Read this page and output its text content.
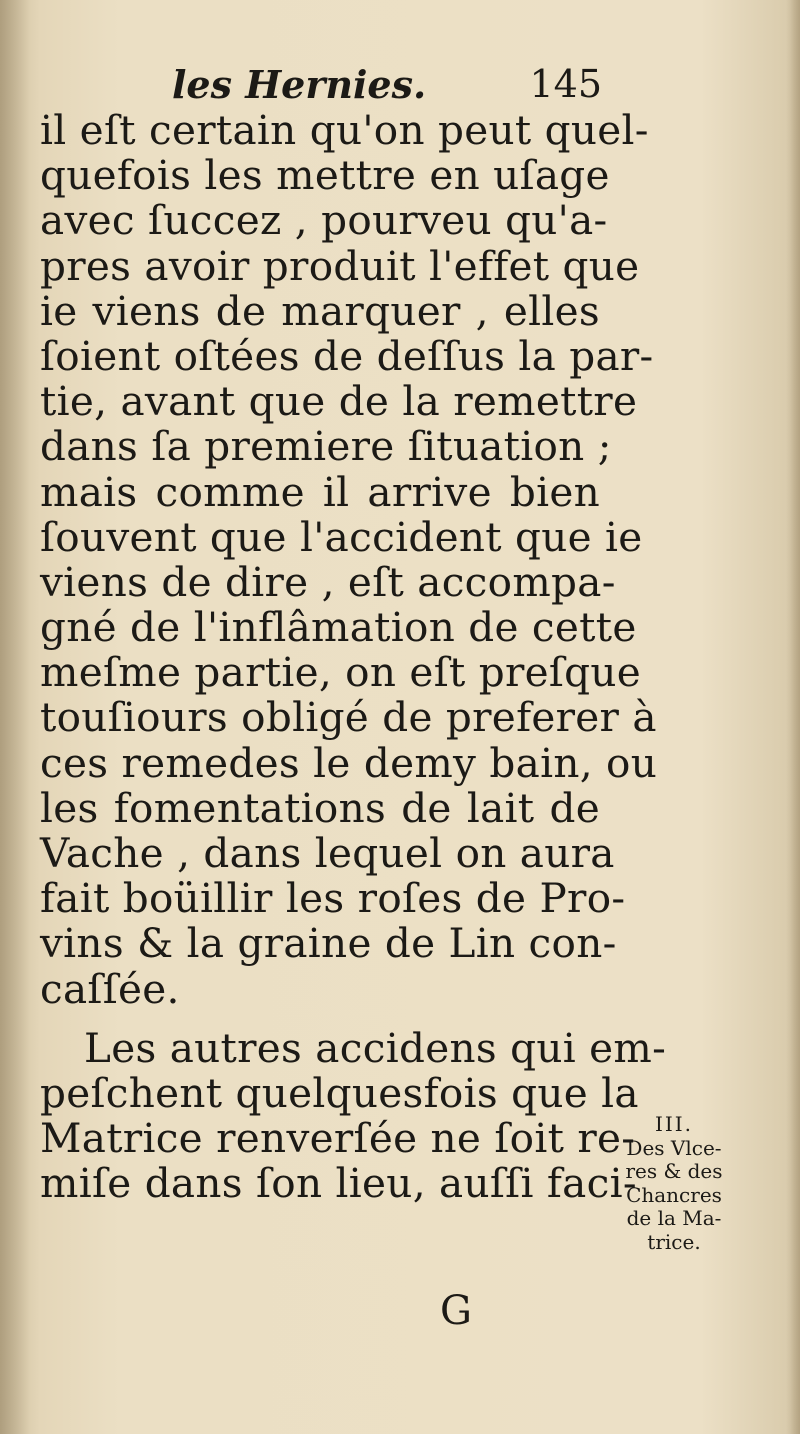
les Hernies.	145
il eſt certain qu'on peut quel-
quefois les mettre en uſage
avec ſuccez , pourveu qu'a-
pres avoir produit l'effet que
ie viens de marquer , elles
ſoient oſtées de deſſus la par-
tie, avant que de la remettre
dans ſa premiere ſituation ;
mais comme il arrive bien
ſouvent que l'accident que ie
viens de dire , eſt accompa-
gné de l'inflâmation de cette
meſme partie, on eſt preſque
touſiours obligé de preferer à
ces remedes le demy bain, ou
les fomentations de lait de
Vache , dans lequel on aura
fait boüillir les roſes de Pro-
vins & la graine de Lin con-
caſſée.
Les autres accidens qui em-
peſchent quelquesfois que la
Matrice renverſée ne ſoit re-
miſe dans ſon lieu, auſſi faci-
G
III.
Des Vlce-
res & des
Chancres
de la Ma-
trice.
